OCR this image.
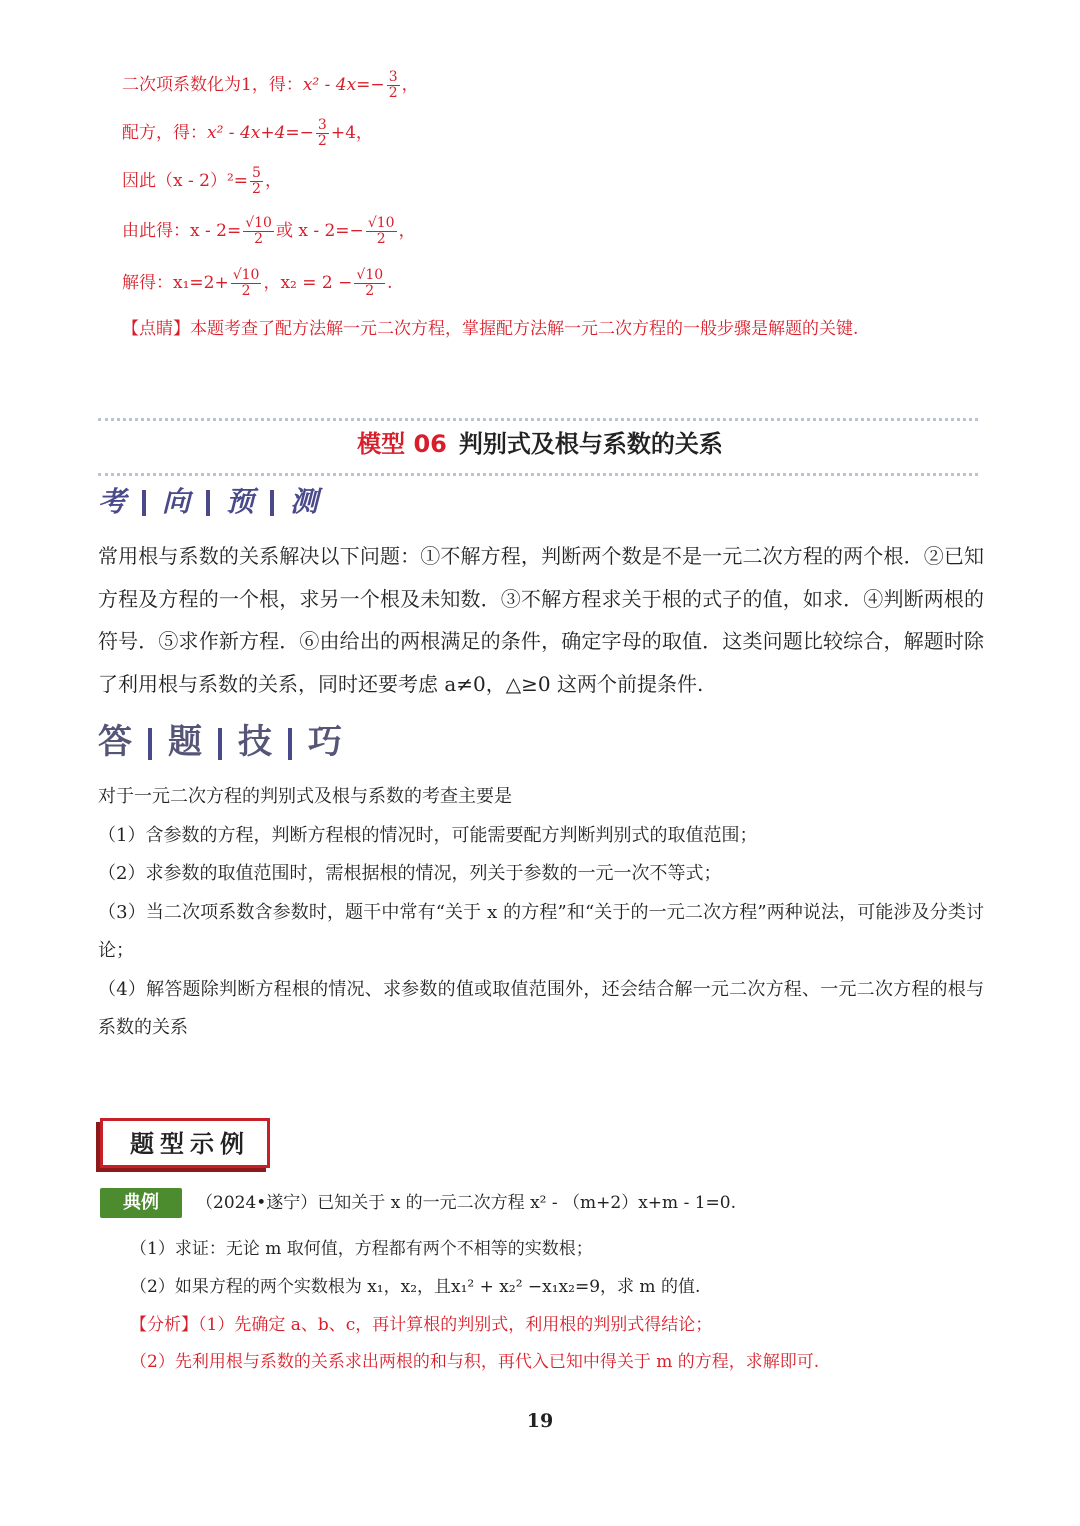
二次项系数化为1，得：$x^2 - 4x=- \frac{3}{2}$ ，
配方，得：$x^2 - 4x+4=- \frac{3}{2} +4$，
因此$(x - 2)^2= \frac{5}{2}$ ，
由此得：x - 2= √ $\frac{10}{2}$ 或 x - 2=− √ $\frac{10}{2}$ ，
解得：x₁=2+ √ $\frac{10}{2}$ ，x₂ = 2 − √ $\frac{10}{2}$ .
【点睛】本题考查了配方法解一元二次方程，掌握配方法解一元二次方程的一般步骤是解题的关键.
模型 06 判别式及根与系数的关系
考 向 预 测
常用根与系数的关系解决以下问题：①不解方程，判断两个数是不是一元二次方程的两个根．②已知方程及方程的一个根，求另一个根及未知数．③不解方程求关于根的式子的值，如求．④判断两根的符号．⑤求作新方程．⑥由给出的两根满足的条件，确定字母的取值．这类问题比较综合，解题时除了利用根与系数的关系，同时还要考虑 a≠0，△≥0 这两个前提条件.
答 题 技 巧
对于一元二次方程的判别式及根与系数的考查主要是
（1）含参数的方程，判断方程根的情况时，可能需要配方判断判别式的取值范围；
（2）求参数的取值范围时，需根据根的情况，列关于参数的一元一次不等式；
（3）当二次项系数含参数时，题干中常有“关于 x 的方程”和“关于的一元二次方程”两种说法，可能涉及分类讨论；
（4）解答题除判断方程根的情况、求参数的值或取值范围外，还会结合解一元二次方程、一元二次方程的根与系数的关系
题型示例
典例	（2024•遂宁）已知关于 x 的一元二次方程 x² - （m+2）x+m - 1=0.
（1）求证：无论 m 取何值，方程都有两个不相等的实数根；
（2）如果方程的两个实数根为 x₁，x₂，且x₁² + x₂² −x₁x₂=9，求 m 的值.
【分析】（1）先确定 a、b、c，再计算根的判别式，利用根的判别式得结论；
（2）先利用根与系数的关系求出两根的和与积，再代入已知中得关于 m 的方程，求解即可.
19
